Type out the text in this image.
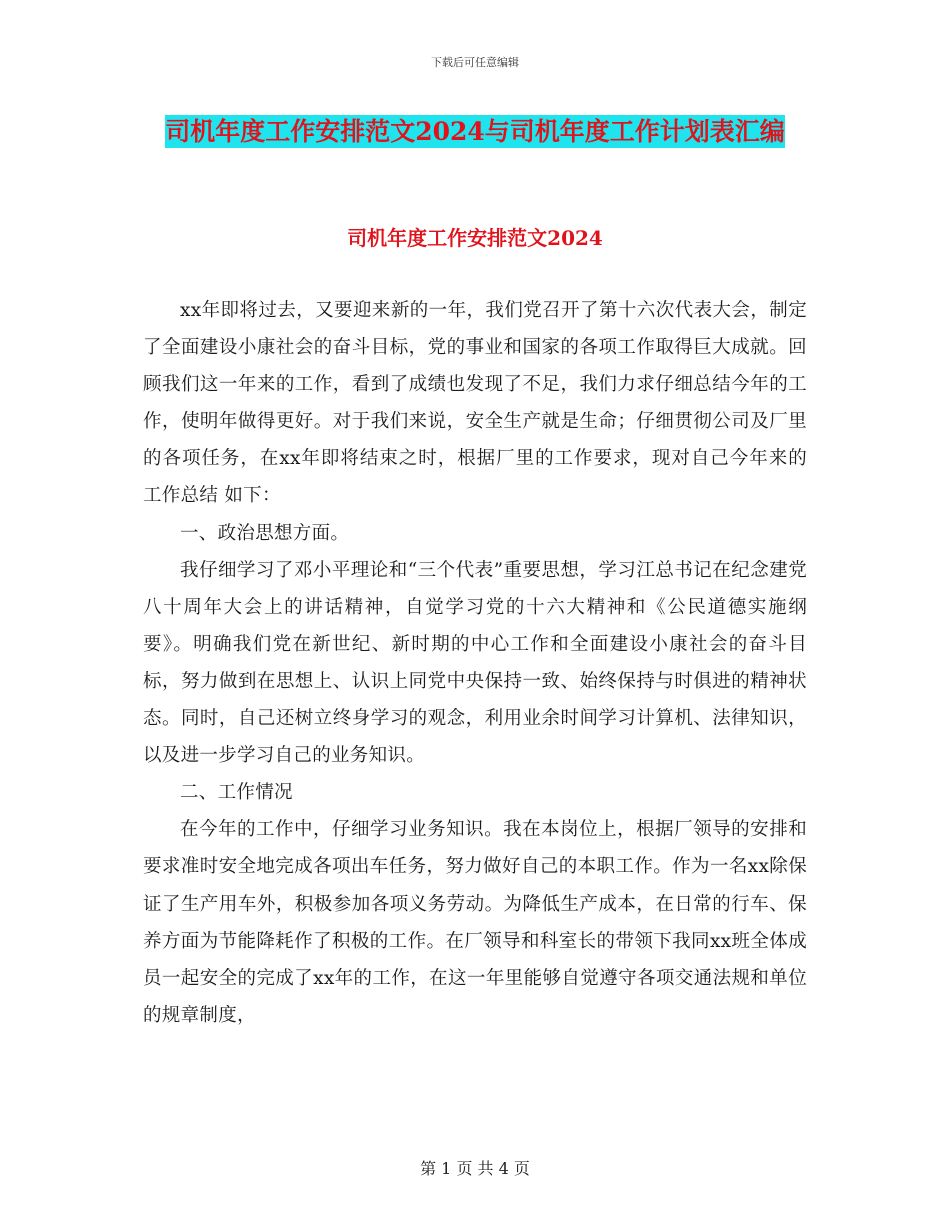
下载后可任意编辑
司机年度工作安排范文2024与司机年度工作计划表汇编
司机年度工作安排范文2024

xx年即将过去，又要迎来新的一年，我们党召开了第十六次代表大会，制定了全面建设小康社会的奋斗目标，党的事业和国家的各项工作取得巨大成就。回顾我们这一年来的工作，看到了成绩也发现了不足，我们力求仔细总结今年的工作，使明年做得更好。对于我们来说，安全生产就是生命；仔细贯彻公司及厂里的各项任务，在xx年即将结束之时，根据厂里的工作要求，现对自己今年来的 工作总结 如下：

一、政治思想方面。

我仔细学习了邓小平理论和“三个代表”重要思想，学习江总书记在纪念建党八十周年大会上的讲话精神，自觉学习党的十六大精神和《公民道德实施纲要》。明确我们党在新世纪、新时期的中心工作和全面建设小康社会的奋斗目标，努力做到在思想上、认识上同党中央保持一致、始终保持与时俱进的精神状态。同时，自己还树立终身学习的观念，利用业余时间学习计算机、法律知识，以及进一步学习自己的业务知识。

二、工作情况

在今年的工作中，仔细学习业务知识。我在本岗位上，根据厂领导的安排和要求准时安全地完成各项出车任务，努力做好自己的本职工作。作为一名xx除保证了生产用车外，积极参加各项义务劳动。为降低生产成本，在日常的行车、保养方面为节能降耗作了积极的工作。在厂领导和科室长的带领下我同xx班全体成员一起安全的完成了xx年的工作，在这一年里能够自觉遵守各项交通法规和单位的规章制度，

第 1 页 共 4 页
